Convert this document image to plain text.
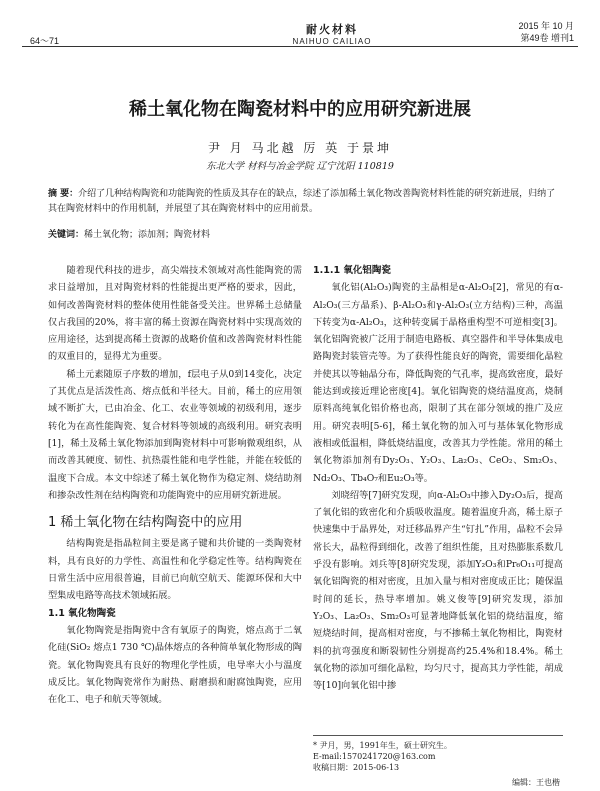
64～71
耐火材料
NAIHUO CAILIAO
2015 年 10 月
第49卷 增刊1
稀土氧化物在陶瓷材料中的应用研究新进展
尹 月 马北越 厉 英 于景坤
东北大学 材料与冶金学院 辽宁沈阳 110819
摘 要：介绍了几种结构陶瓷和功能陶瓷的性质及其存在的缺点，综述了添加稀土氧化物改善陶瓷材料性能的研究新进展，归纳了其在陶瓷材料中的作用机制，并展望了其在陶瓷材料中的应用前景。
关键词：稀土氧化物；添加剂；陶瓷材料

随着现代科技的进步，高尖端技术领域对高性能陶瓷的需求日益增加，且对陶瓷材料的性能提出更严格的要求，因此，如何改善陶瓷材料的整体使用性能备受关注。世界稀土总储量仅占我国的20%，将丰富的稀土资源在陶瓷材料中实现高效的应用途径，达到提高稀土资源的战略价值和改善陶瓷材料性能的双重目的，显得尤为重要。

稀土元素随原子序数的增加，f层电子从0到14变化，决定了其优点是活泼性高、熔点低和半径大。目前，稀土的应用领域不断扩大，已由冶金、化工、农业等领域的初级利用，逐步转化为在高性能陶瓷、复合材料等领域的高级利用。研究表明[1]，稀土及稀土氧化物添加到陶瓷材料中可影响微观组织，从而改善其硬度、韧性、抗热震性能和电学性能，并能在较低的温度下合成。本文中综述了稀土氧化物作为稳定剂、烧结助剂和掺杂改性剂在结构陶瓷和功能陶瓷中的应用研究新进展。

1 稀土氧化物在结构陶瓷中的应用

结构陶瓷是指晶粒间主要是离子键和共价键的一类陶瓷材料，具有良好的力学性、高温性和化学稳定性等。结构陶瓷在日常生活中应用很普遍，目前已向航空航天、能源环保和大中型集成电路等高技术领域拓展。

1.1 氧化物陶瓷

氧化物陶瓷是指陶瓷中含有氧原子的陶瓷，熔点高于二氧化硅(SiO₂ 熔点1 730 ℃)晶体熔点的各种简单氧化物形成的陶瓷。氧化物陶瓷具有良好的物理化学性质，电导率大小与温度成反比。氧化物陶瓷常作为耐热、耐磨损和耐腐蚀陶瓷，应用在化工、电子和航天等领域。

1.1.1 氧化铝陶瓷

氧化铝(Al₂O₃)陶瓷的主晶相是α-Al₂O₃[2]，常见的有α-Al₂O₃(三方晶系)、β-Al₂O₃和γ-Al₂O₃(立方结构)三种，高温下转变为α-Al₂O₃，这种转变属于晶格重构型不可逆相变[3]。氧化铝陶瓷被广泛用于制造电路板、真空器件和半导体集成电路陶瓷封装管壳等。为了获得性能良好的陶瓷，需要细化晶粒并使其以等轴晶分布，降低陶瓷的气孔率，提高致密度，最好能达到或接近理论密度[4]。氧化铝陶瓷的烧结温度高，烧制原料高纯氧化铝价格也高，限制了其在部分领域的推广及应用。研究表明[5-6]，稀土氧化物的加入可与基体氧化物形成液相或低温相，降低烧结温度，改善其力学性能。常用的稀土氧化物添加剂有Dy₂O₃、Y₂O₃、La₂O₃、CeO₂、Sm₂O₃、Nd₂O₃、Tb₄O₇和Eu₂O₃等。

刘晓绍等[7]研究发现，向α-Al₂O₃中掺入Dy₂O₃后，提高了氧化铝的致密化和介质吸收温度。随着温度升高，稀土原子快速集中于晶界处，对迁移晶界产生“钉扎”作用，晶粒不会异常长大，晶粒得到细化，改善了组织性能，且对热膨胀系数几乎没有影响。刘兵等[8]研究发现，添加Y₂O₃和Pr₆O₁₁可提高氧化铝陶瓷的相对密度，且加入量与相对密度成正比；随保温时间的延长，热导率增加。姚义俊等[9]研究发现，添加Y₂O₃、La₂O₃、Sm₂O₃可显著地降低氧化铝的烧结温度，缩短烧结时间，提高相对密度，与不掺稀土氧化物相比，陶瓷材料的抗弯强度和断裂韧性分别提高约25.4%和18.4%。稀土氧化物的添加可细化晶粒，均匀尺寸，提高其力学性能，胡成等[10]向氧化铝中掺

* 尹月，男，1991年生，硕士研究生。
E-mail:1570241720@163.com
收稿日期：2015-06-13
编辑：王也楷
